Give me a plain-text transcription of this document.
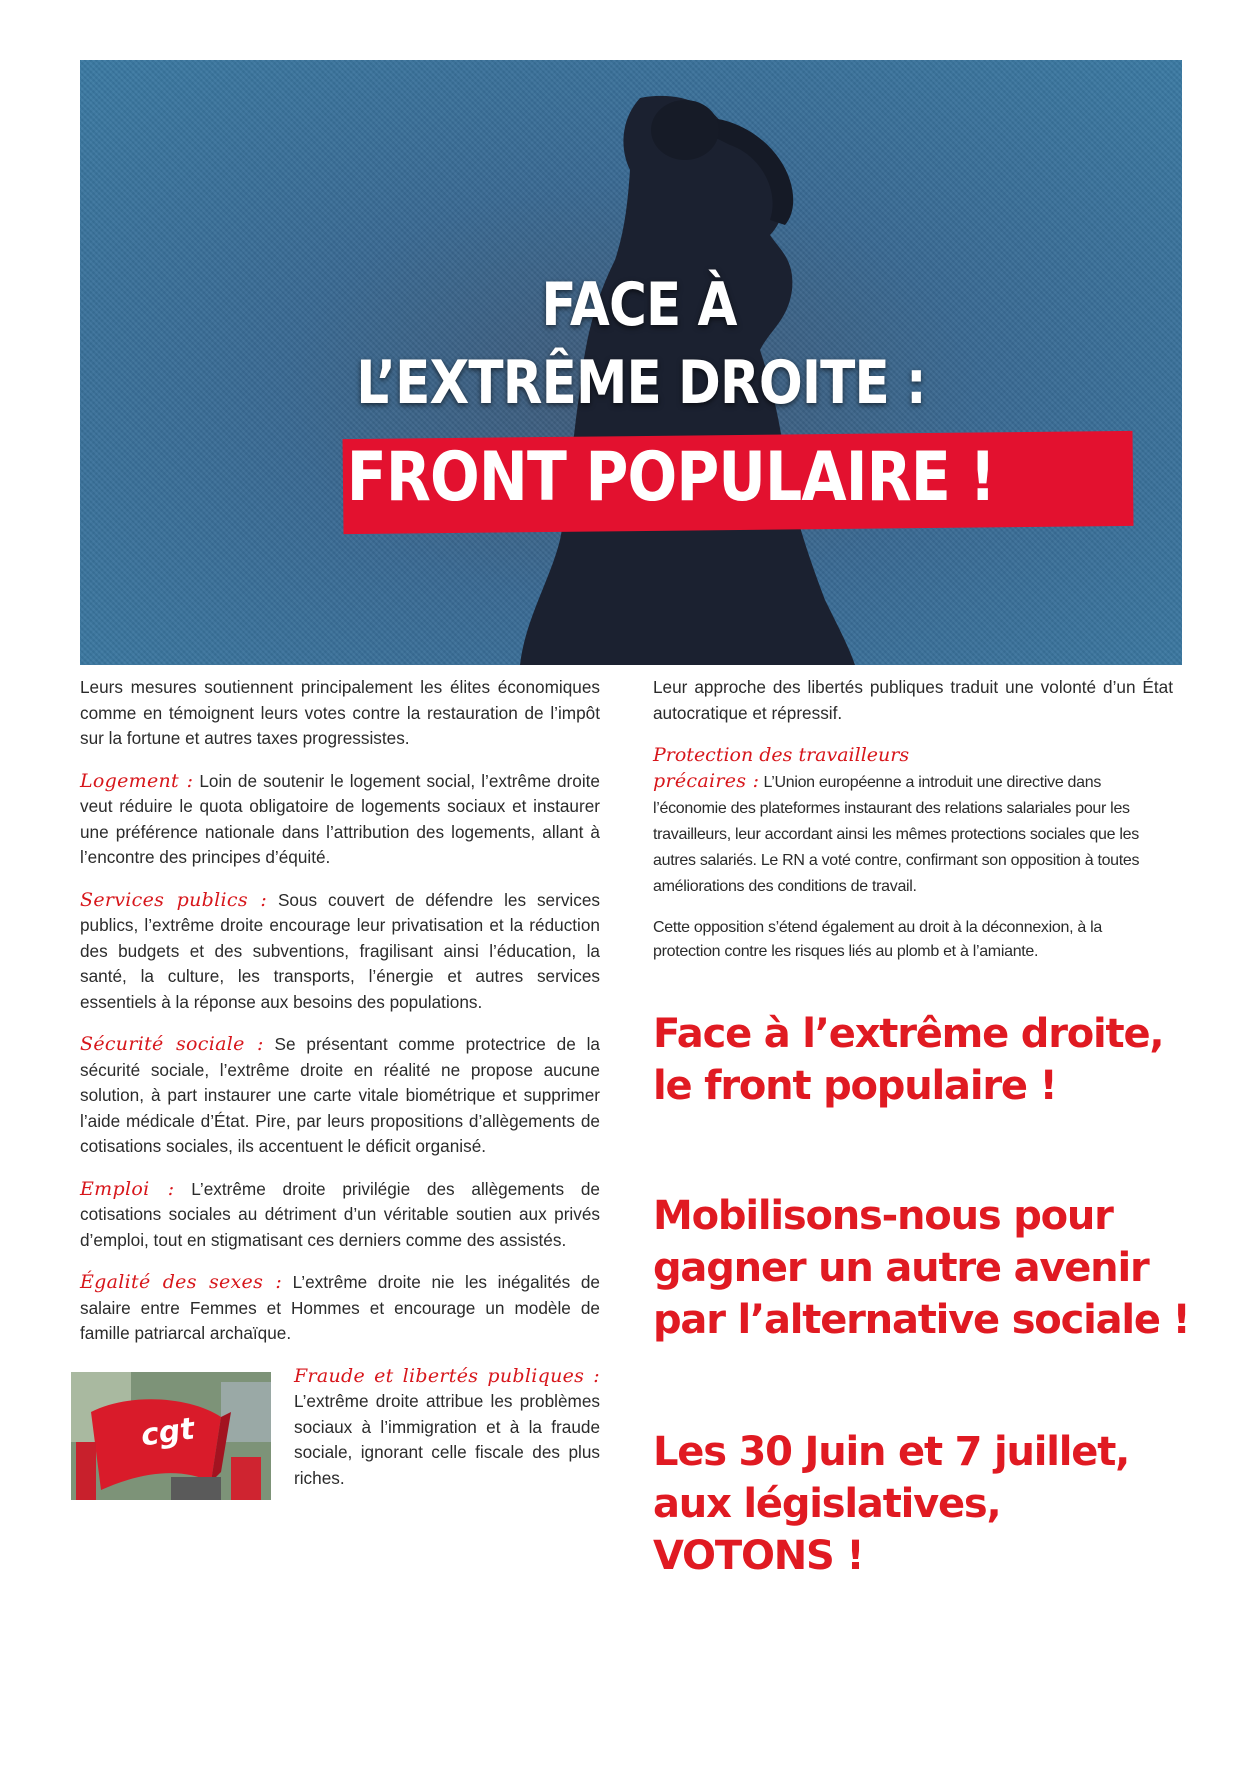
FACE À
L’EXTRÊME DROITE :
FRONT POPULAIRE !

Leurs mesures soutiennent principalement les élites économiques comme en témoignent leurs votes contre la restauration de l’impôt sur la fortune et autres taxes progressistes.

Logement : Loin de soutenir le logement social, l’extrême droite veut réduire le quota obligatoire de logements sociaux et instaurer une préférence nationale dans l’attribution des logements, allant à l’encontre des principes d’équité.

Services publics : Sous couvert de défendre les services publics, l’extrême droite encourage leur privatisation et la réduction des budgets et des subventions, fragilisant ainsi l’éducation, la santé, la culture, les transports, l’énergie et autres services essentiels à la réponse aux besoins des populations.

Sécurité sociale : Se présentant comme protectrice de la sécurité sociale, l’extrême droite en réalité ne propose aucune solution, à part instaurer une carte vitale biométrique et supprimer l’aide médicale d’État. Pire, par leurs propositions d’allègements de cotisations sociales, ils accentuent le déficit organisé.

Emploi : L’extrême droite privilégie des allègements de cotisations sociales au détriment d’un véritable soutien aux privés d’emploi, tout en stigmatisant ces derniers comme des assistés.

Égalité des sexes : L’extrême droite nie les inégalités de salaire entre Femmes et Hommes et encourage un modèle de famille patriarcal archaïque.

cgt

Fraude et libertés publiques : L’extrême droite attribue les problèmes sociaux à l’immigration et à la fraude sociale, ignorant celle fiscale des plus riches.

Leur approche des libertés publiques traduit une volonté d’un État autocratique et répressif.

Protection des travailleurs
précaires : L’Union européenne a introduit une directive dans l’économie des plateformes instaurant des relations salariales pour les travailleurs, leur accordant ainsi les mêmes protections sociales que les autres salariés. Le RN a voté contre, confirmant son opposition à toutes améliorations des conditions de travail.

Cette opposition s’étend également au droit à la déconnexion, à la protection contre les risques liés au plomb et à l’amiante.

Face à l’extrême droite, le front populaire !

Mobilisons-nous pour gagner un autre avenir par l’alternative sociale !

Les 30 Juin et 7 juillet, aux législatives, VOTONS !
